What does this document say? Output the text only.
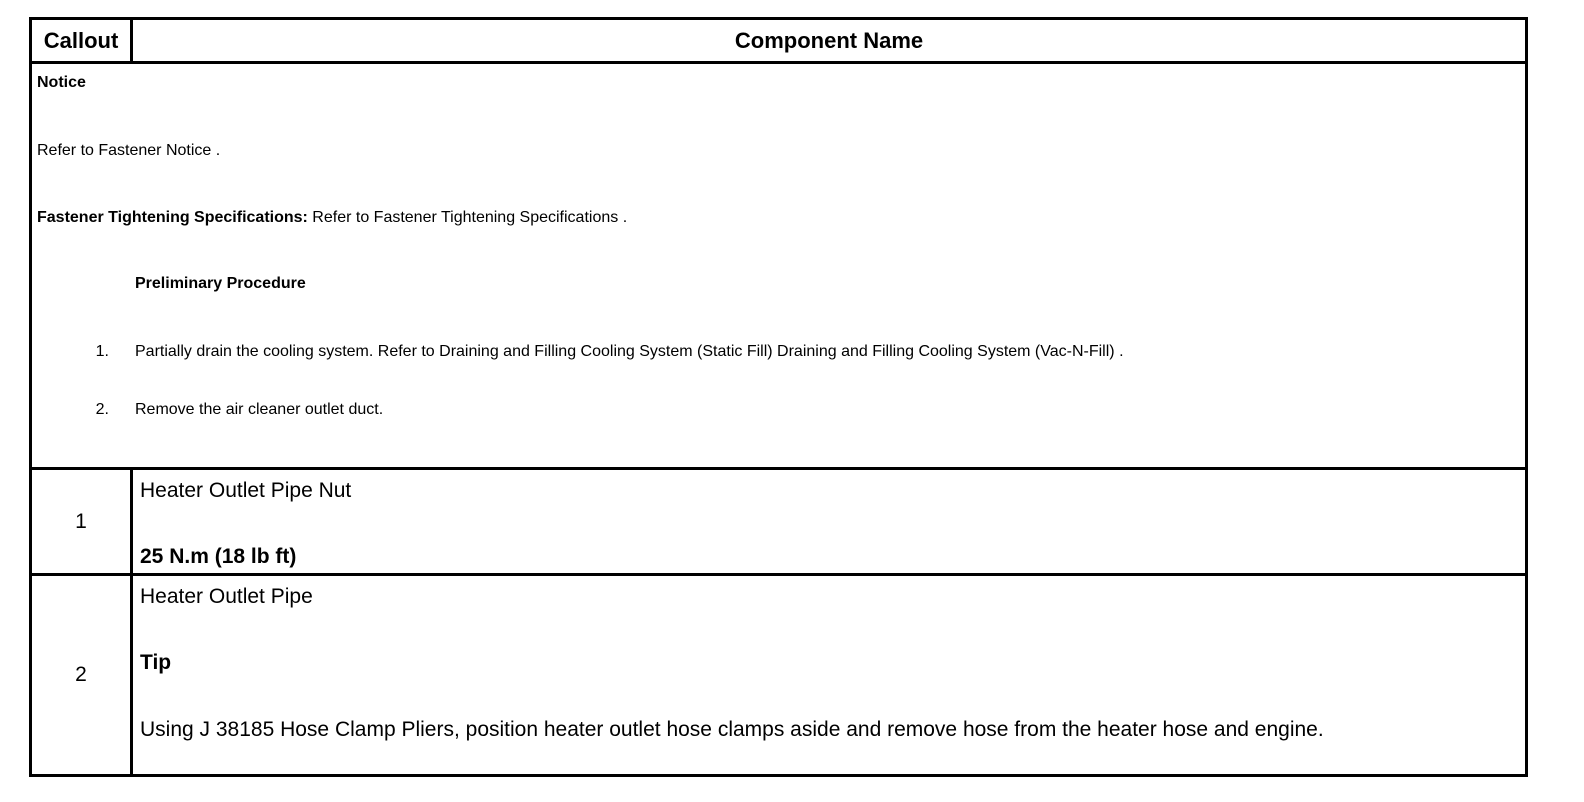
Callout	Component Name
Notice
Refer to Fastener Notice .
Fastener Tightening Specifications: Refer to Fastener Tightening Specifications .
Preliminary Procedure
1. Partially drain the cooling system. Refer to Draining and Filling Cooling System (Static Fill) Draining and Filling Cooling System (Vac-N-Fill) .
2. Remove the air cleaner outlet duct.
1
Heater Outlet Pipe Nut
25 N.m (18 lb ft)
2
Heater Outlet Pipe
Tip
Using J 38185 Hose Clamp Pliers, position heater outlet hose clamps aside and remove hose from the heater hose and engine.
